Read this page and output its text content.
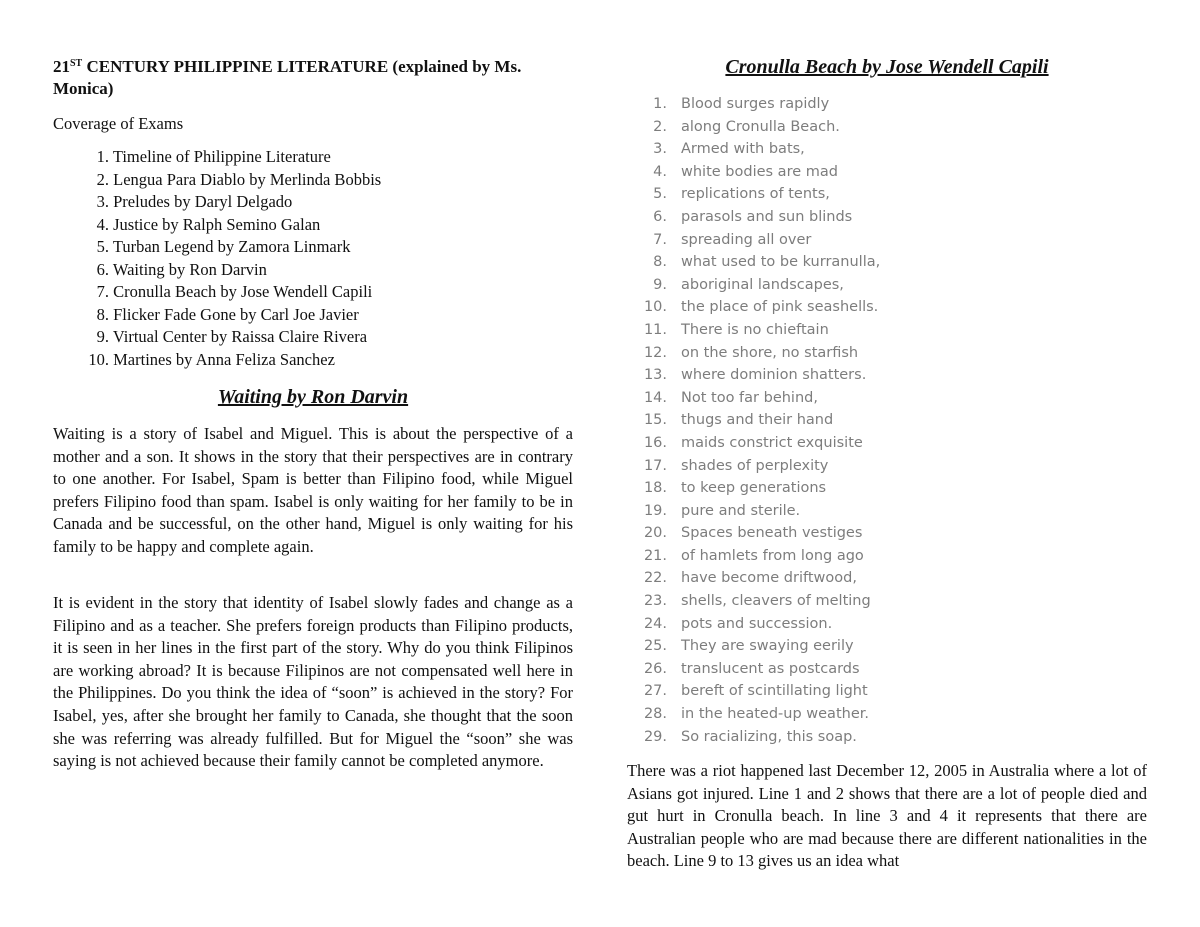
21ST CENTURY PHILIPPINE LITERATURE (explained by Ms. Monica)

Coverage of Exams

1. Timeline of Philippine Literature
2. Lengua Para Diablo by Merlinda Bobbis
3. Preludes by Daryl Delgado
4. Justice by Ralph Semino Galan
5. Turban Legend by Zamora Linmark
6. Waiting by Ron Darvin
7. Cronulla Beach by Jose Wendell Capili
8. Flicker Fade Gone by Carl Joe Javier
9. Virtual Center by Raissa Claire Rivera
10. Martines by Anna Feliza Sanchez

Waiting by Ron Darvin

Waiting is a story of Isabel and Miguel. This is about the perspective of a mother and a son. It shows in the story that their perspectives are in contrary to one another. For Isabel, Spam is better than Filipino food, while Miguel prefers Filipino food than spam. Isabel is only waiting for her family to be in Canada and be successful, on the other hand, Miguel is only waiting for his family to be happy and complete again.

It is evident in the story that identity of Isabel slowly fades and change as a Filipino and as a teacher. She prefers foreign products than Filipino products, it is seen in her lines in the first part of the story. Why do you think Filipinos are working abroad? It is because Filipinos are not compensated well here in the Philippines. Do you think the idea of “soon” is achieved in the story? For Isabel, yes, after she brought her family to Canada, she thought that the soon she was referring was already fulfilled. But for Miguel the “soon” she was saying is not achieved because their family cannot be completed anymore.

Cronulla Beach by Jose Wendell Capili

1. Blood surges rapidly
2. along Cronulla Beach.
3. Armed with bats,
4. white bodies are mad
5. replications of tents,
6. parasols and sun blinds
7. spreading all over
8. what used to be kurranulla,
9. aboriginal landscapes,
10. the place of pink seashells.
11. There is no chieftain
12. on the shore, no starfish
13. where dominion shatters.
14. Not too far behind,
15. thugs and their hand
16. maids constrict exquisite
17. shades of perplexity
18. to keep generations
19. pure and sterile.
20. Spaces beneath vestiges
21. of hamlets from long ago
22. have become driftwood,
23. shells, cleavers of melting
24. pots and succession.
25. They are swaying eerily
26. translucent as postcards
27. bereft of scintillating light
28. in the heated-up weather.
29. So racializing, this soap.

There was a riot happened last December 12, 2005 in Australia where a lot of Asians got injured. Line 1 and 2 shows that there are a lot of people died and gut hurt in Cronulla beach. In line 3 and 4 it represents that there are Australian people who are mad because there are different nationalities in the beach. Line 9 to 13 gives us an idea what
